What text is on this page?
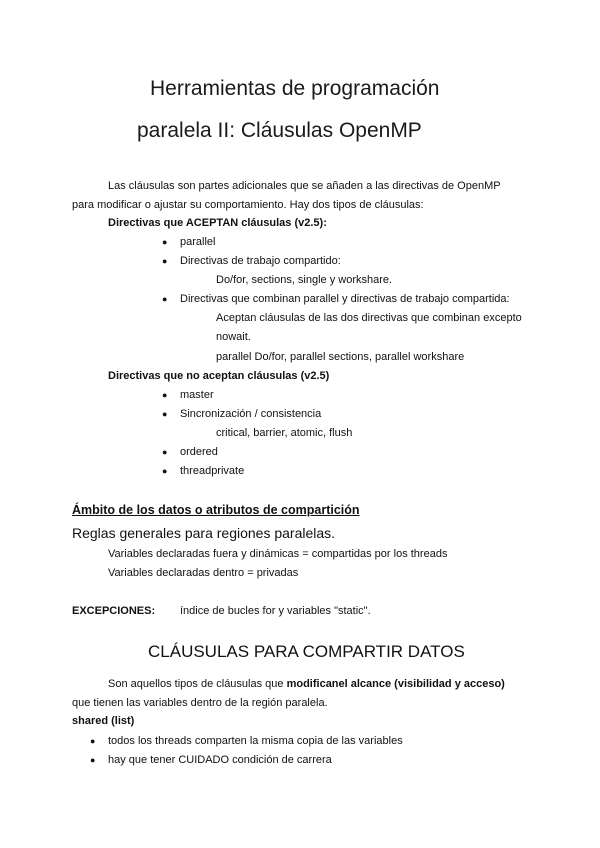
Herramientas de programación
paralela II: Cláusulas OpenMP
Las cláusulas son partes adicionales que se añaden a las directivas de OpenMP
para modificar o ajustar su comportamiento. Hay dos tipos de cláusulas:
Directivas que ACEPTAN cláusulas (v2.5):
● parallel
● Directivas de trabajo compartido:
Do/for, sections, single y workshare.
● Directivas que combinan parallel y directivas de trabajo compartida:
Aceptan cláusulas de las dos directivas que combinan excepto
nowait.
parallel Do/for, parallel sections, parallel workshare
Directivas que no aceptan cláusulas (v2.5)
● master
● Sincronización / consistencia
critical, barrier, atomic, flush
● ordered
● threadprivate
Ámbito de los datos o atributos de compartición
Reglas generales para regiones paralelas.
Variables declaradas fuera y dinámicas = compartidas por los threads
Variables declaradas dentro = privadas
EXCEPCIONES: índice de bucles for y variables "static".
CLÁUSULAS PARA COMPARTIR DATOS
Son aquellos tipos de cláusulas que modificanel alcance (visibilidad y acceso)
que tienen las variables dentro de la región paralela.
shared (list)
● todos los threads comparten la misma copia de las variables
● hay que tener CUIDADO condición de carrera
